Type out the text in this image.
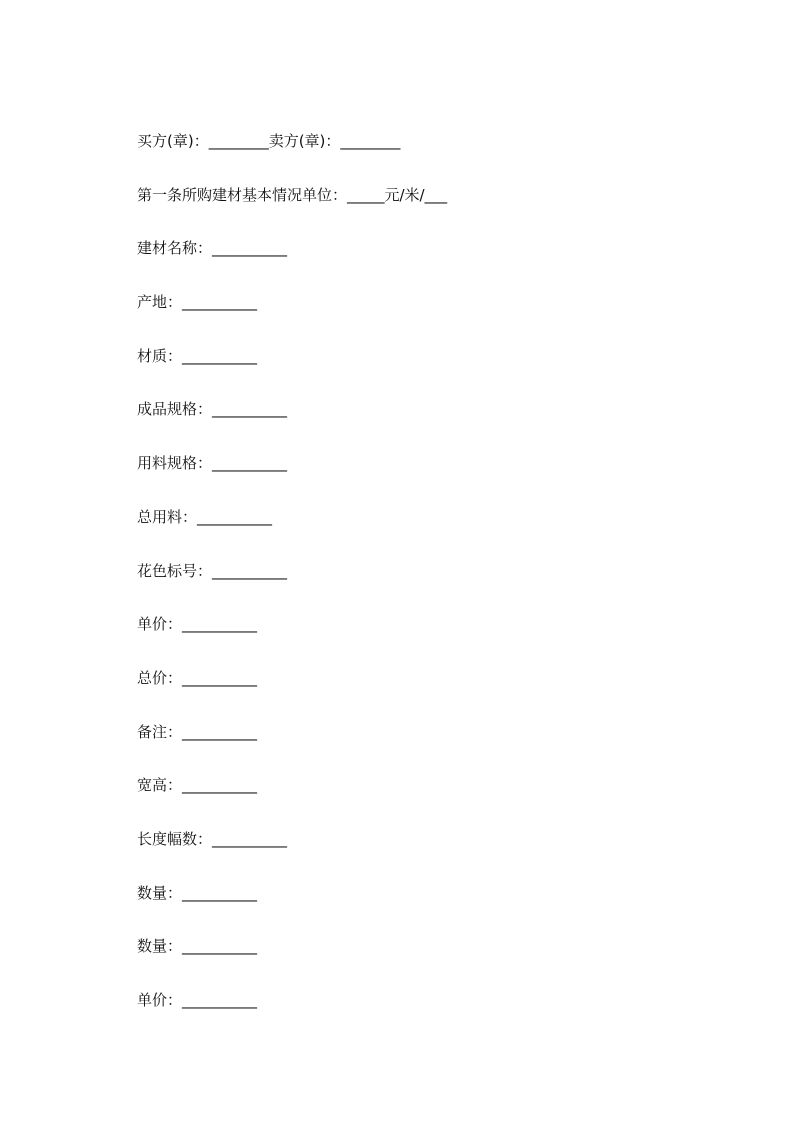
买方(章)：________卖方(章)：________
第一条所购建材基本情况单位：_____元/米/___
建材名称：__________
产地：__________
材质：__________
成品规格：__________
用料规格：__________
总用料：__________
花色标号：__________
单价：__________
总价：__________
备注：__________
宽高：__________
长度幅数：__________
数量：__________
数量：__________
单价：__________
